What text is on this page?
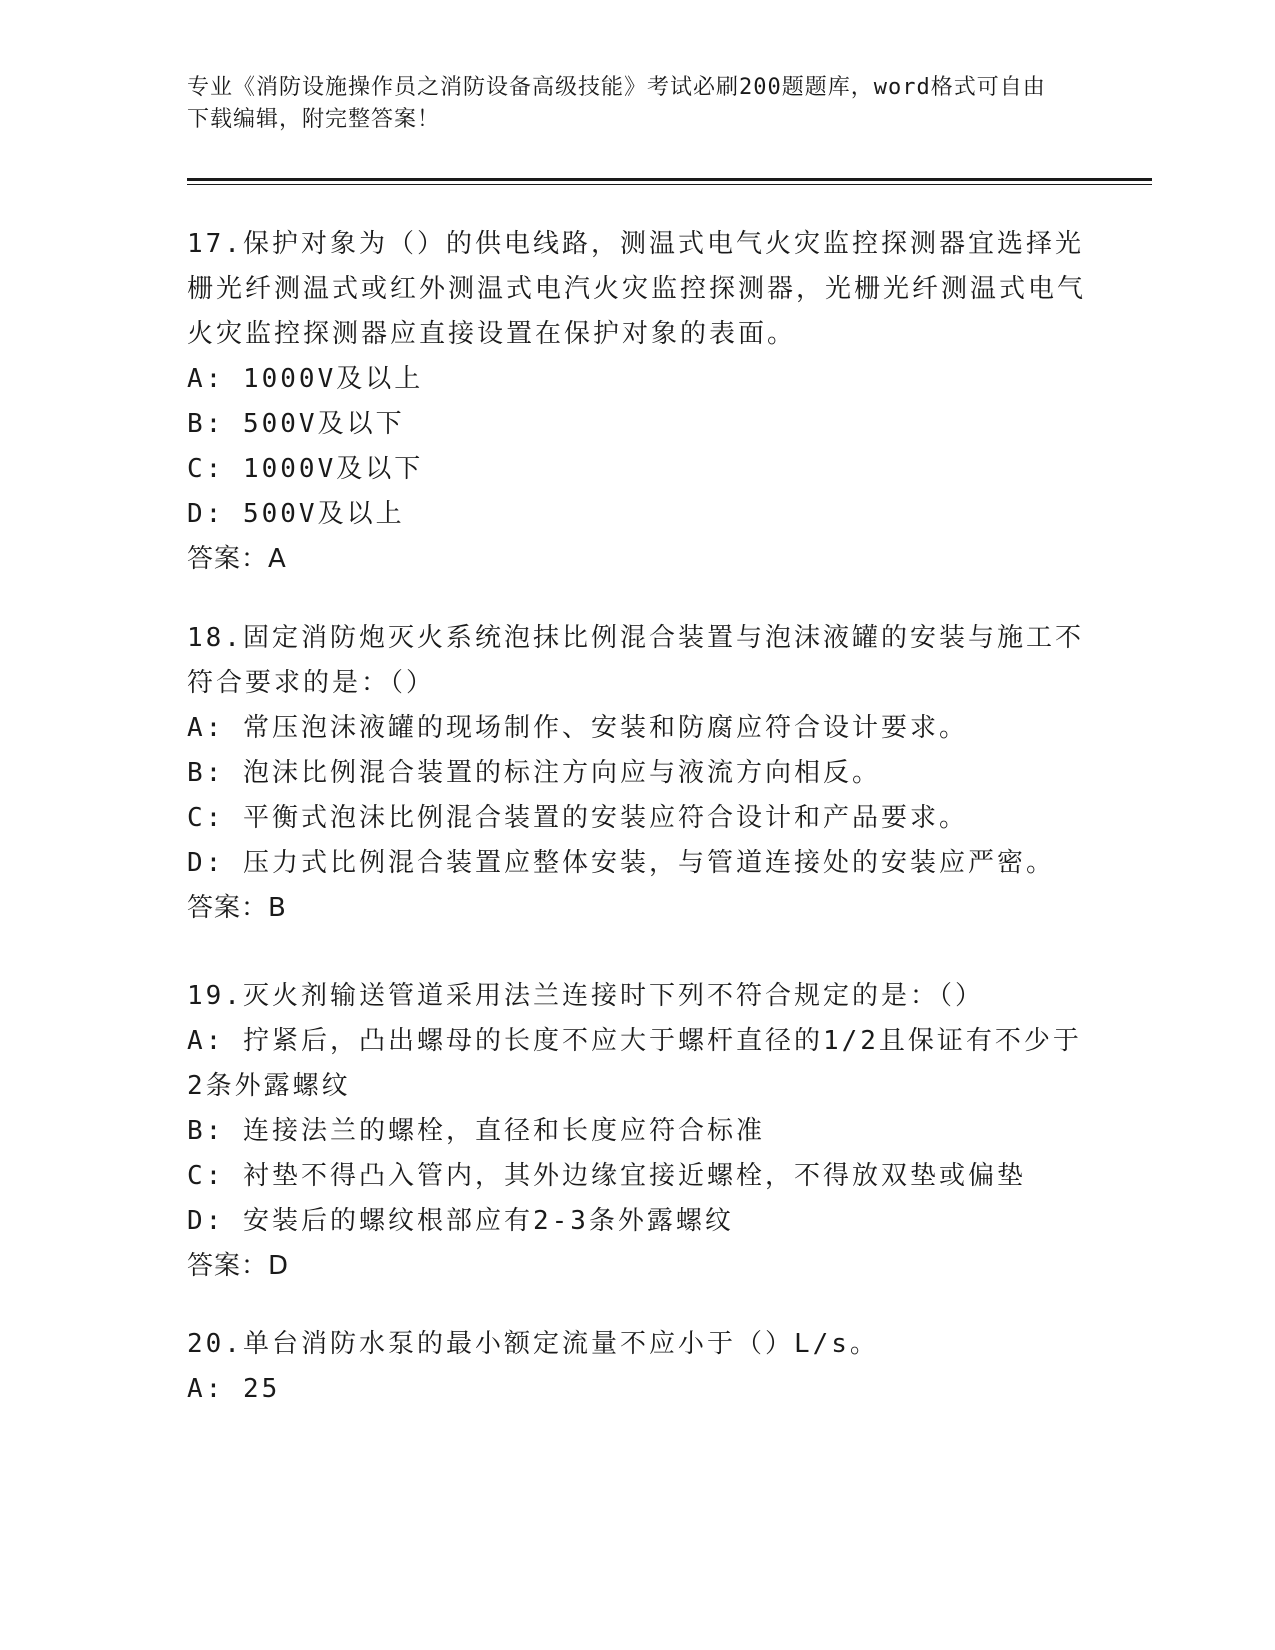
专业《消防设施操作员之消防设备高级技能》考试必刷200题题库，word格式可自由下载编辑，附完整答案！

17.保护对象为（）的供电线路，测温式电气火灾监控探测器宜选择光栅光纤测温式或红外测温式电汽火灾监控探测器，光栅光纤测温式电气火灾监控探测器应直接设置在保护对象的表面。

A: 1000V及以上

B: 500V及以下

C: 1000V及以下

D: 500V及以上

答案：A

18.固定消防炮灭火系统泡抹比例混合装置与泡沫液罐的安装与施工不符合要求的是：（）

A: 常压泡沫液罐的现场制作、安装和防腐应符合设计要求。

B: 泡沫比例混合装置的标注方向应与液流方向相反。

C: 平衡式泡沫比例混合装置的安装应符合设计和产品要求。

D: 压力式比例混合装置应整体安装，与管道连接处的安装应严密。

答案：B

19.灭火剂输送管道采用法兰连接时下列不符合规定的是：（）

A: 拧紧后，凸出螺母的长度不应大于螺杆直径的1/2且保证有不少于2条外露螺纹

B: 连接法兰的螺栓，直径和长度应符合标准

C: 衬垫不得凸入管内，其外边缘宜接近螺栓，不得放双垫或偏垫

D: 安装后的螺纹根部应有2-3条外露螺纹

答案：D

20.单台消防水泵的最小额定流量不应小于（）L/s。

A: 25
